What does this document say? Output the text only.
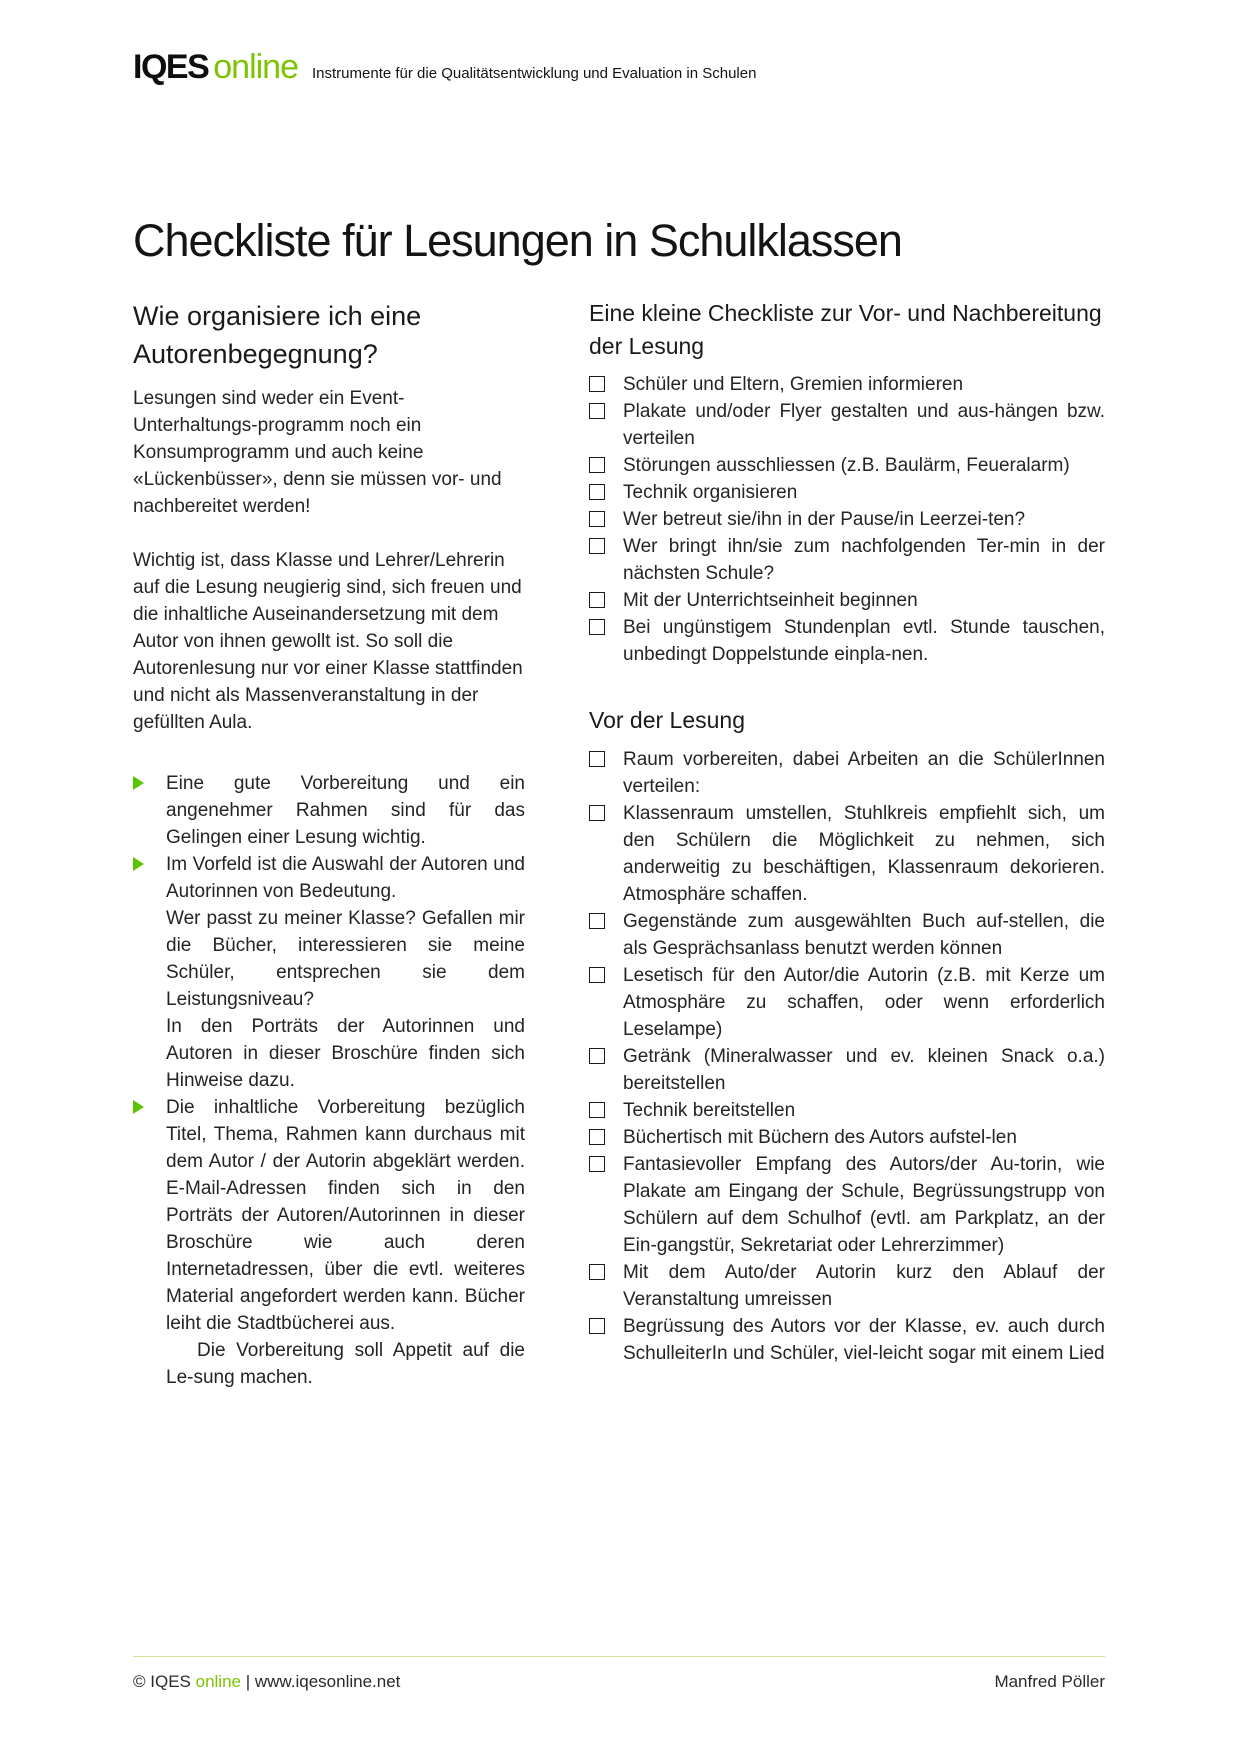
IQES online Instrumente für die Qualitätsentwicklung und Evaluation in Schulen
Checkliste für Lesungen in Schulklassen
Wie organisiere ich eine Autorenbegegnung?

Lesungen sind weder ein Event-Unterhaltungs-programm noch ein Konsumprogramm und auch keine «Lückenbüsser», denn sie müssen vor- und nachbereitet werden!

Wichtig ist, dass Klasse und Lehrer/Lehrerin auf die Lesung neugierig sind, sich freuen und die inhaltliche Auseinandersetzung mit dem Autor von ihnen gewollt ist. So soll die Autorenlesung nur vor einer Klasse stattfinden und nicht als Massenveranstaltung in der gefüllten Aula.

Eine gute Vorbereitung und ein angenehmer Rahmen sind für das Gelingen einer Lesung wichtig.

Im Vorfeld ist die Auswahl der Autoren und Autorinnen von Bedeutung.

Wer passt zu meiner Klasse? Gefallen mir die Bücher, interessieren sie meine Schüler, entsprechen sie dem Leistungsniveau?

In den Porträts der Autorinnen und Autoren in dieser Broschüre finden sich Hinweise dazu.

Die inhaltliche Vorbereitung bezüglich Titel, Thema, Rahmen kann durchaus mit dem Autor / der Autorin abgeklärt werden. E-Mail-Adressen finden sich in den Porträts der Autoren/Autorinnen in dieser Broschüre wie auch deren Internetadressen, über die evtl. weiteres Material angefordert werden kann. Bücher leiht die Stadtbücherei aus.

Die Vorbereitung soll Appetit auf die Le-sung machen.

Eine kleine Checkliste zur Vor- und Nachbereitung der Lesung
Schüler und Eltern, Gremien informieren
Plakate und/oder Flyer gestalten und aus-hängen bzw. verteilen
Störungen ausschliessen (z.B. Baulärm, Feueralarm)
Technik organisieren
Wer betreut sie/ihn in der Pause/in Leerzei-ten?
Wer bringt ihn/sie zum nachfolgenden Ter-min in der nächsten Schule?
Mit der Unterrichtseinheit beginnen
Bei ungünstigem Stundenplan evtl. Stunde tauschen, unbedingt Doppelstunde einpla-nen.
Vor der Lesung
Raum vorbereiten, dabei Arbeiten an die SchülerInnen verteilen:
Klassenraum umstellen, Stuhlkreis empfiehlt sich, um den Schülern die Möglichkeit zu nehmen, sich anderweitig zu beschäftigen, Klassenraum dekorieren. Atmosphäre schaffen.
Gegenstände zum ausgewählten Buch auf-stellen, die als Gesprächsanlass benutzt werden können
Lesetisch für den Autor/die Autorin (z.B. mit Kerze um Atmosphäre zu schaffen, oder wenn erforderlich Leselampe)
Getränk (Mineralwasser und ev. kleinen Snack o.a.) bereitstellen
Technik bereitstellen
Büchertisch mit Büchern des Autors aufstel-len
Fantasievoller Empfang des Autors/der Au-torin, wie Plakate am Eingang der Schule, Begrüssungstrupp von Schülern auf dem Schulhof (evtl. am Parkplatz, an der Ein-gangstür, Sekretariat oder Lehrerzimmer)
Mit dem Auto/der Autorin kurz den Ablauf der Veranstaltung umreissen
Begrüssung des Autors vor der Klasse, ev. auch durch SchulleiterIn und Schüler, viel-leicht sogar mit einem Lied
© IQES online | www.iqesonline.net	Manfred Pöller
